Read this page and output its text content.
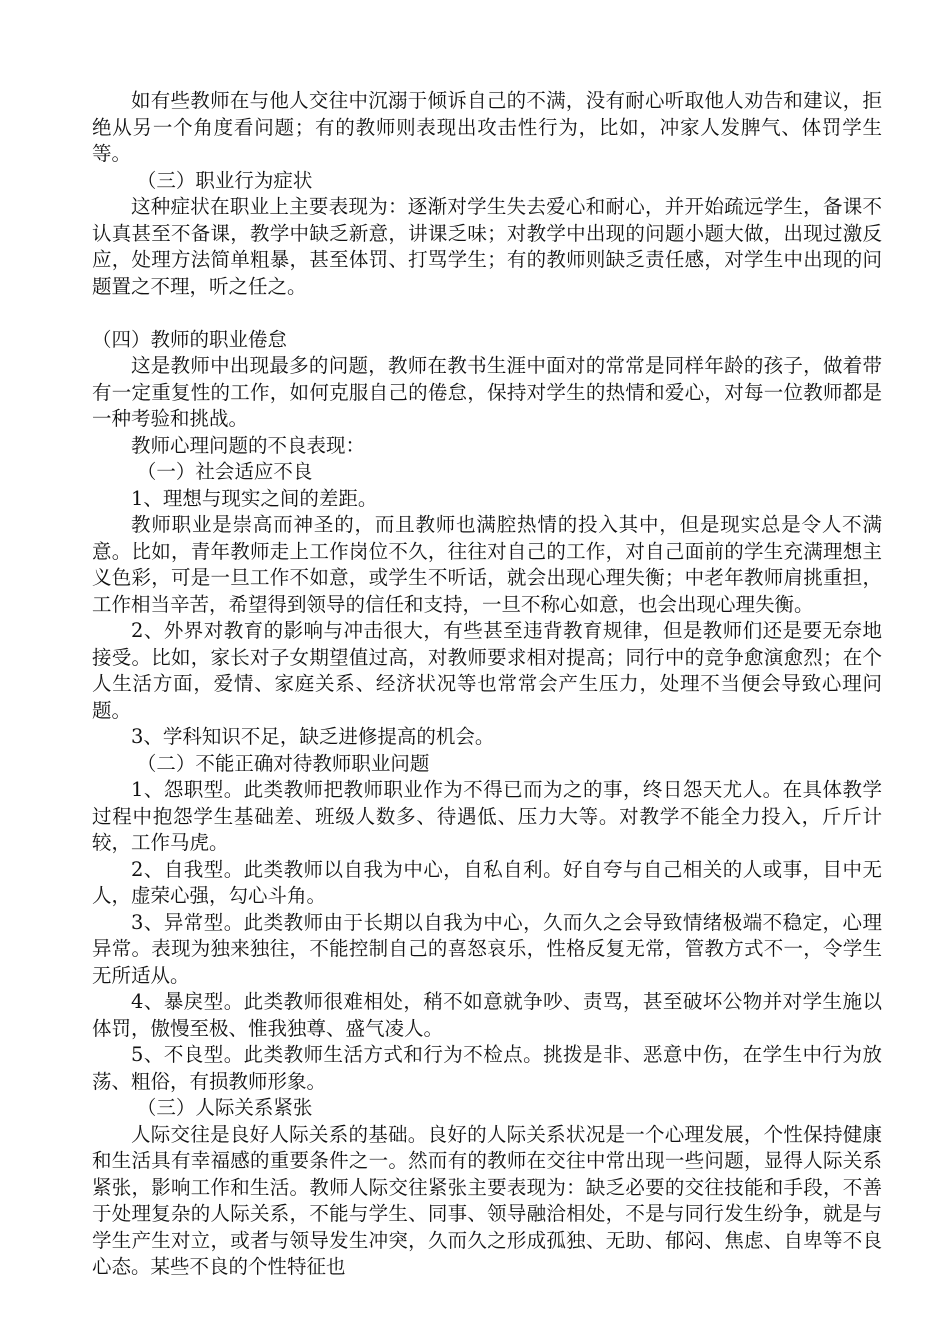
如有些教师在与他人交往中沉溺于倾诉自己的不满，没有耐心听取他人劝告和建议，拒绝从另一个角度看问题；有的教师则表现出攻击性行为，比如，冲家人发脾气、体罚学生等。

（三）职业行为症状

这种症状在职业上主要表现为：逐渐对学生失去爱心和耐心，并开始疏远学生，备课不认真甚至不备课，教学中缺乏新意，讲课乏味；对教学中出现的问题小题大做，出现过激反应，处理方法简单粗暴，甚至体罚、打骂学生；有的教师则缺乏责任感，对学生中出现的问题置之不理，听之任之。

（四）教师的职业倦怠

这是教师中出现最多的问题，教师在教书生涯中面对的常常是同样年龄的孩子，做着带有一定重复性的工作，如何克服自己的倦怠，保持对学生的热情和爱心，对每一位教师都是一种考验和挑战。

教师心理问题的不良表现：

（一）社会适应不良

1、理想与现实之间的差距。

教师职业是崇高而神圣的，而且教师也满腔热情的投入其中，但是现实总是令人不满意。比如，青年教师走上工作岗位不久，往往对自己的工作，对自己面前的学生充满理想主义色彩，可是一旦工作不如意，或学生不听话，就会出现心理失衡；中老年教师肩挑重担，工作相当辛苦，希望得到领导的信任和支持，一旦不称心如意，也会出现心理失衡。

2、外界对教育的影响与冲击很大，有些甚至违背教育规律，但是教师们还是要无奈地接受。比如，家长对子女期望值过高，对教师要求相对提高；同行中的竞争愈演愈烈；在个人生活方面，爱情、家庭关系、经济状况等也常常会产生压力，处理不当便会导致心理问题。

3、学科知识不足，缺乏进修提高的机会。

（二）不能正确对待教师职业问题

1、怨职型。此类教师把教师职业作为不得已而为之的事，终日怨天尤人。在具体教学过程中抱怨学生基础差、班级人数多、待遇低、压力大等。对教学不能全力投入，斤斤计较，工作马虎。

2、自我型。此类教师以自我为中心，自私自利。好自夸与自己相关的人或事，目中无人，虚荣心强，勾心斗角。

3、异常型。此类教师由于长期以自我为中心，久而久之会导致情绪极端不稳定，心理异常。表现为独来独往，不能控制自己的喜怒哀乐，性格反复无常，管教方式不一，令学生无所适从。

4、暴戾型。此类教师很难相处，稍不如意就争吵、责骂，甚至破坏公物并对学生施以体罚，傲慢至极、惟我独尊、盛气凌人。

5、不良型。此类教师生活方式和行为不检点。挑拨是非、恶意中伤，在学生中行为放荡、粗俗，有损教师形象。

（三）人际关系紧张

人际交往是良好人际关系的基础。良好的人际关系状况是一个心理发展，个性保持健康和生活具有幸福感的重要条件之一。然而有的教师在交往中常出现一些问题，显得人际关系紧张，影响工作和生活。教师人际交往紧张主要表现为：缺乏必要的交往技能和手段，不善于处理复杂的人际关系，不能与学生、同事、领导融洽相处，不是与同行发生纷争，就是与学生产生对立，或者与领导发生冲突，久而久之形成孤独、无助、郁闷、焦虑、自卑等不良心态。某些不良的个性特征也
